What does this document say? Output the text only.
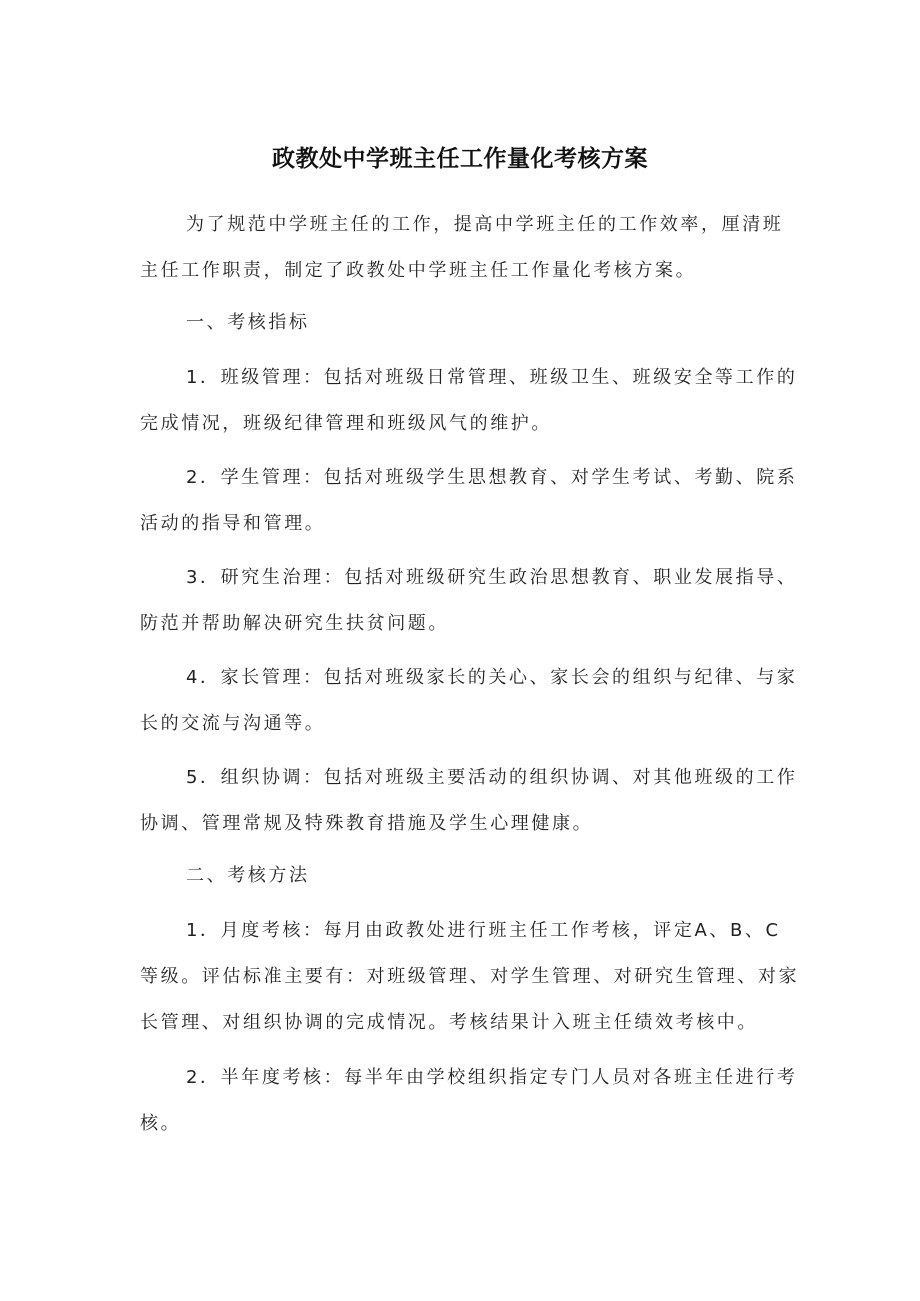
政教处中学班主任工作量化考核方案

为了规范中学班主任的工作，提高中学班主任的工作效率，厘清班主任工作职责，制定了政教处中学班主任工作量化考核方案。

一、考核指标

1．班级管理：包括对班级日常管理、班级卫生、班级安全等工作的完成情况，班级纪律管理和班级风气的维护。

2．学生管理：包括对班级学生思想教育、对学生考试、考勤、院系活动的指导和管理。

3．研究生治理：包括对班级研究生政治思想教育、职业发展指导、防范并帮助解决研究生扶贫问题。

4．家长管理：包括对班级家长的关心、家长会的组织与纪律、与家长的交流与沟通等。

5．组织协调：包括对班级主要活动的组织协调、对其他班级的工作协调、管理常规及特殊教育措施及学生心理健康。

二、考核方法

1．月度考核：每月由政教处进行班主任工作考核，评定A、B、C等级。评估标准主要有：对班级管理、对学生管理、对研究生管理、对家长管理、对组织协调的完成情况。考核结果计入班主任绩效考核中。

2．半年度考核：每半年由学校组织指定专门人员对各班主任进行考核。
